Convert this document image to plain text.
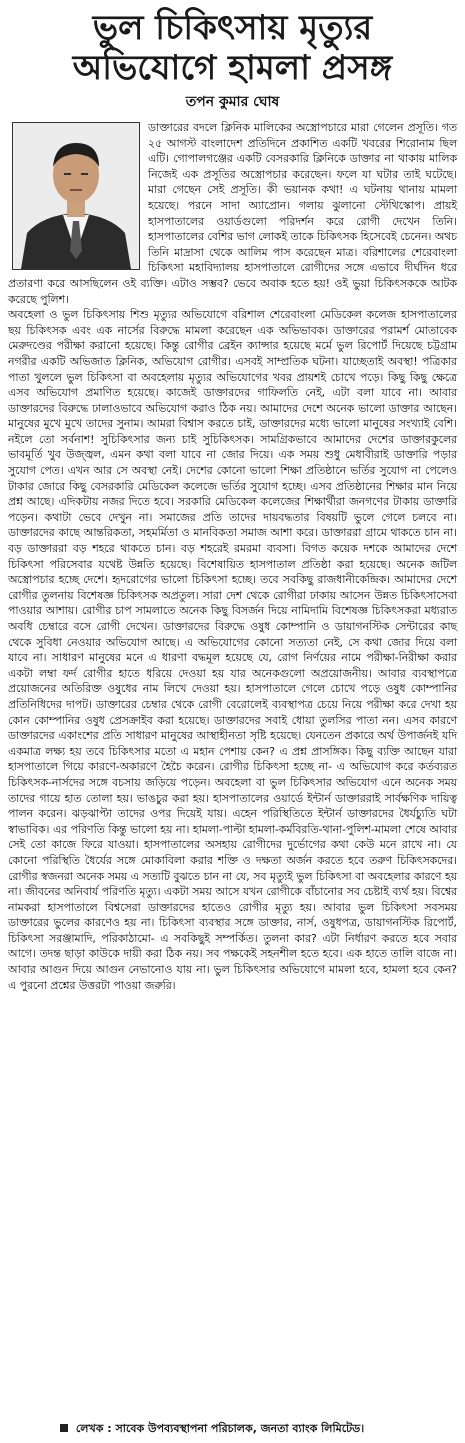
ভুল চিকিৎসায় মৃত্যুর
অভিযোগে হামলা প্রসঙ্গ
তপন কুমার ঘোষ

ডাক্তারের বদলে ক্লিনিক মালিকের অস্ত্রোপচারে মারা গেলেন প্রসূতি। গত ২৫ আগস্ট বাংলাদেশ প্রতিদিনে প্রকাশিত একটি খবরের শিরোনাম ছিল এটি। গোপালগঞ্জের একটি বেসরকারি ক্লিনিকে ডাক্তার না থাকায় মালিক নিজেই এক প্রসূতির অস্ত্রোপচার করেছেন। ফলে যা ঘটার তাই ঘটেছে। মারা গেছেন সেই প্রসূতি। কী ভয়ানক কথা! এ ঘটনায় থানায় মামলা হয়েছে। পরনে সাদা অ্যাপ্রোন। গলায় ঝুলানো স্টেথিস্কোপ। প্রায়ই হাসপাতালের ওয়ার্ডগুলো পরিদর্শন করে রোগী দেখেন তিনি। হাসপাতালের বেশির ভাগ লোকই তাকে চিকিৎসক হিসেবেই চেনেন। অথচ তিনি মাদ্রাসা থেকে আলিম পাস করেছেন মাত্র। বরিশালের শেরেবাংলা চিকিৎসা মহাবিদ্যালয় হাসপাতালে রোগীদের সঙ্গে এভাবে দীর্ঘদিন ধরে প্রতারণা করে আসছিলেন ওই ব্যক্তি। এটাও সম্ভব? ভেবে অবাক হতে হয়! ওই ভুয়া চিকিৎসককে আটক করেছে পুলিশ।

অবহেলা ও ভুল চিকিৎসায় শিশু মৃত্যুর অভিযোগে বরিশাল শেরেবাংলা মেডিকেল কলেজ হাসপাতালের ছয় চিকিৎসক এবং এক নার্সের বিরুদ্ধে মামলা করেছেন এক অভিভাবক। ডাক্তারের পরামর্শ মোতাবেক মেরুদণ্ডের পরীক্ষা করানো হয়েছে। কিন্তু রোগীর ব্রেইন ক্যান্সার হয়েছে মর্মে ভুল রিপোর্ট দিয়েছে চট্টগ্রাম নগরীর একটি অভিজাত ক্লিনিক, অভিযোগ রোগীর। এসবই সাম্প্রতিক ঘটনা। যাচ্ছেতাই অবস্থা! পত্রিকার পাতা খুললে ভুল চিকিৎসা বা অবহেলায় মৃত্যুর অভিযোগের খবর প্রায়শই চোখে পড়ে। কিছু কিছু ক্ষেত্রে এসব অভিযোগ প্রমাণিত হয়েছে। কাজেই ডাক্তারদের গাফিলতি নেই, এটা বলা যাবে না। আবার ডাক্তারদের বিরুদ্ধে ঢালাওভাবে অভিযোগ করাও ঠিক নয়। আমাদের দেশে অনেক ভালো ডাক্তার আছেন। মানুষের মুখে মুখে তাদের সুনাম। আমরা বিশ্বাস করতে চাই, ডাক্তারদের মধ্যে ভালো মানুষের সংখ্যাই বেশি। নইলে তো সর্বনাশ! সুচিকিৎসার জন্য চাই সুচিকিৎসক। সামগ্রিকভাবে আমাদের দেশের ডাক্তারকুলের ভাবমূর্তি খুব উজ্জ্বল, এমন কথা বলা যাবে না জোর দিয়ে। এক সময় শুধু মেধাবীরাই ডাক্তারি পড়ার সুযোগ পেত। এখন আর সে অবস্থা নেই। দেশের কোনো ভালো শিক্ষা প্রতিষ্ঠানে ভর্তির সুযোগ না পেলেও টাকার জোরে কিছু বেসরকারি মেডিকেল কলেজে ভর্তির সুযোগ হচ্ছে। এসব প্রতিষ্ঠানের শিক্ষার মান নিয়ে প্রশ্ন আছে। এদিকটায় নজর দিতে হবে। সরকারি মেডিকেল কলেজের শিক্ষার্থীরা জনগণের টাকায় ডাক্তারি পড়েন। কথাটা ভেবে দেখুন না। সমাজের প্রতি তাদের দায়বদ্ধতার বিষয়টি ভুলে গেলে চলবে না। ডাক্তারদের কাছে আন্তরিকতা, সহমর্মিতা ও মানবিকতা সমাজ আশা করে। ডাক্তাররা গ্রামে থাকতে চান না। বড় ডাক্তাররা বড় শহরে থাকতে চান। বড় শহরেই রমরমা ব্যবসা। বিগত কয়েক দশকে আমাদের দেশে চিকিৎসা পরিসেবার যথেষ্ট উন্নতি হয়েছে। বিশেষায়িত হাসপাতাল প্রতিষ্ঠা করা হয়েছে। অনেক জটিল অস্ত্রোপচার হচ্ছে দেশে। হৃদরোগের ভালো চিকিৎসা হচ্ছে। তবে সবকিছু রাজধানীকেন্দ্রিক। আমাদের দেশে রোগীর তুলনায় বিশেষজ্ঞ চিকিৎসক অপ্রতুল। সারা দেশ থেকে রোগীরা ঢাকায় আসেন উন্নত চিকিৎসাসেবা পাওয়ার আশায়। রোগীর চাপ সামলাতে অনেক কিছু বিসর্জন দিয়ে নামিদামি বিশেষজ্ঞ চিকিৎসকরা মধ্যরাত অবধি চেম্বারে বসে রোগী দেখেন। ডাক্তারদের বিরুদ্ধে ওষুধ কোম্পানি ও ডায়াগনস্টিক সেন্টারের কাছ থেকে সুবিধা নেওয়ার অভিযোগ আছে। এ অভিযোগের কোনো সত্যতা নেই, সে কথা জোর দিয়ে বলা যাবে না। সাধারণ মানুষের মনে এ ধারণা বদ্ধমূল হয়েছে যে, রোগ নির্ণয়ের নামে পরীক্ষা-নিরীক্ষা করার একটা লম্বা ফর্দ রোগীর হাতে ধরিয়ে দেওয়া হয় যার অনেকগুলো অপ্রয়োজনীয়। আবার ব্যবস্থাপত্রে প্রয়োজনের অতিরিক্ত ওষুধের নাম লিখে দেওয়া হয়। হাসপাতালে গেলে চোখে পড়ে ওষুধ কোম্পানির প্রতিনিধিদের দাপট। ডাক্তারের চেম্বার থেকে রোগী বেরোলেই ব্যবস্থাপত্র চেয়ে নিয়ে পরীক্ষা করে দেখা হয় কোন কোম্পানির ওষুধ প্রেসক্রাইব করা হয়েছে। ডাক্তারদের সবাই ধোয়া তুলসির পাতা নন। এসব কারণে ডাক্তারদের একাংশের প্রতি সাধারণ মানুষের আস্থাহীনতা সৃষ্টি হয়েছে। যেনতেন প্রকারে অর্থ উপার্জনই যদি একমাত্র লক্ষ্য হয় তবে চিকিৎসার মতো এ মহান পেশায় কেন? এ প্রশ্ন প্রাসঙ্গিক। কিছু ব্যক্তি আছেন যারা হাসপাতালে গিয়ে কারণে-অকারণে হৈচৈ করেন। রোগীর চিকিৎসা হচ্ছে না- এ অভিযোগ করে কর্তব্যরত চিকিৎসক-নার্সদের সঙ্গে বচসায় জড়িয়ে পড়েন। অবহেলা বা ভুল চিকিৎসার অভিযোগ এনে অনেক সময় তাদের গায়ে হাত তোলা হয়। ভাঙচুর করা হয়। হাসপাতালের ওয়ার্ডে ইন্টার্ন ডাক্তাররাই সার্বক্ষণিক দায়িত্ব পালন করেন। ঝড়ঝাপ্টা তাদের ওপর দিয়েই যায়। এহেন পরিস্থিতিতে ইন্টার্ন ডাক্তারদের ধৈর্যচ্যুতি ঘটা স্বাভাবিক। এর পরিণতি কিন্তু ভালো হয় না। হামলা-পাল্টা হামলা-কর্মবিরতি-থানা-পুলিশ-মামলা শেষে আবার সেই তো কাজে ফিরে যাওয়া। হাসপাতালের অসহায় রোগীদের দুর্ভোগের কথা কেউ মনে রাখে না। যে কোনো পরিস্থিতি ধৈর্যের সঙ্গে মোকাবিলা করার শক্তি ও দক্ষতা অর্জন করতে হবে তরুণ চিকিৎসকদের। রোগীর স্বজনরা অনেক সময় এ সত্যটি বুঝতে চান না যে, সব মৃত্যুই ভুল চিকিৎসা বা অবহেলার কারণে হয় না। জীবনের অনিবার্য পরিণতি মৃত্যু। একটা সময় আসে যখন রোগীকে বাঁচানোর সব চেষ্টাই ব্যর্থ হয়। বিশ্বের নামকরা হাসপাতালে বিশ্বসেরা ডাক্তারদের হাতেও রোগীর মৃত্যু হয়। আবার ভুল চিকিৎসা সবসময় ডাক্তারের ভুলের কারণেও হয় না। চিকিৎসা ব্যবস্থার সঙ্গে ডাক্তার, নার্স, ওষুধপত্র, ডায়াগনস্টিক রিপোর্ট, চিকিৎসা সরঞ্জামাদি, পরিকাঠামো- এ সবকিছুই সম্পর্কিত। তুলনা কার? এটা নির্ধারণ করতে হবে সবার আগে। তদন্ত ছাড়া কাউকে দায়ী করা ঠিক নয়। সব পক্ষকেই সহনশীল হতে হবে। এক হাতে তালি বাজে না। আবার আগুন দিয়ে আগুন নেভানোও যায় না। ভুল চিকিৎসার অভিযোগে মামলা হবে, হামলা হবে কেন? এ পুরনো প্রশ্নের উত্তরটা পাওয়া জরুরি।

লেখক : সাবেক উপব্যবস্থাপনা পরিচালক, জনতা ব্যাংক লিমিটেড।
